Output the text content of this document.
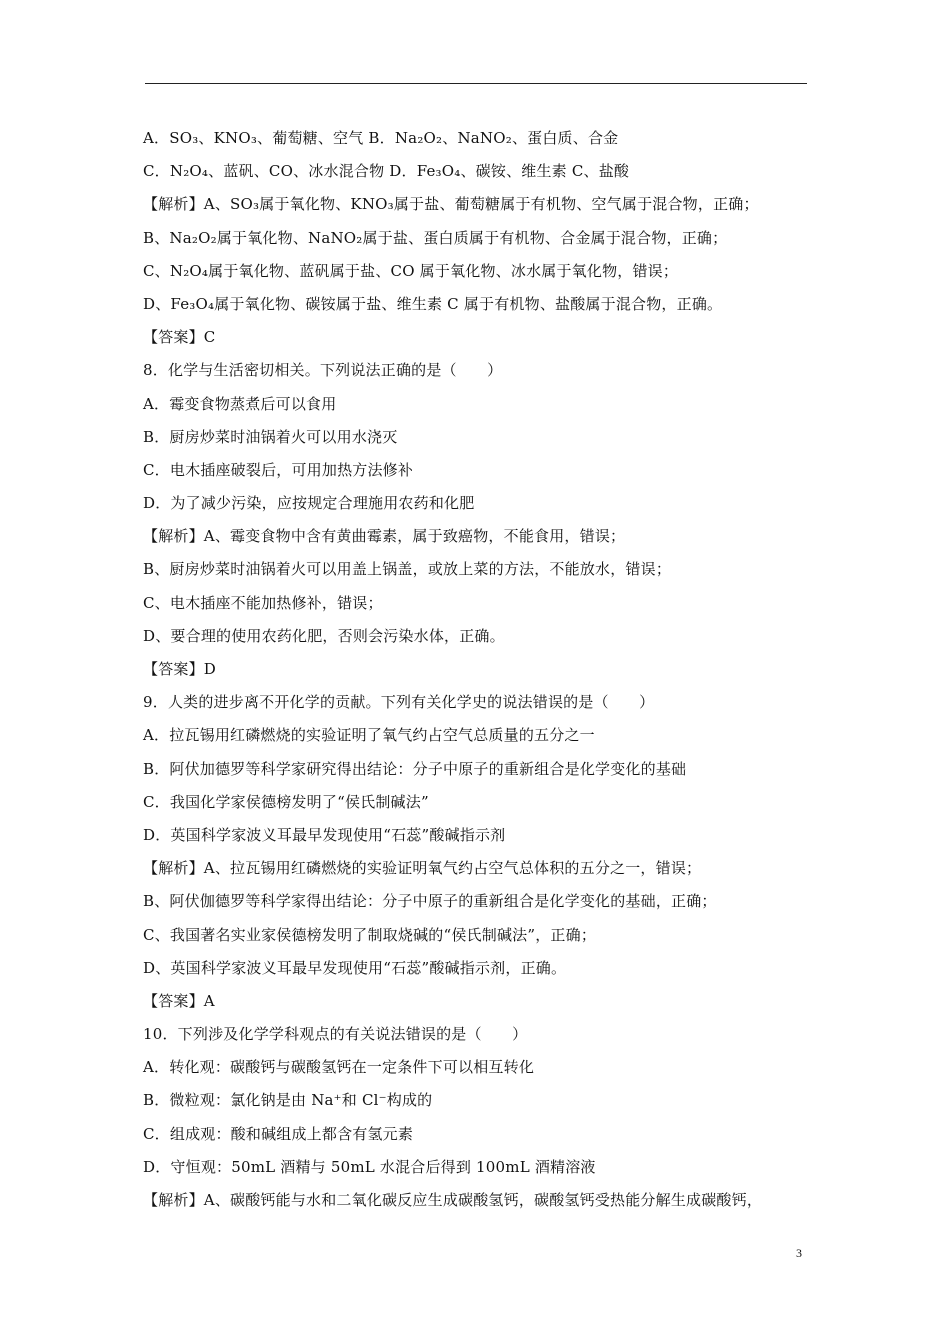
A．SO₃、KNO₃、葡萄糖、空气 B．Na₂O₂、NaNO₂、蛋白质、合金
C．N₂O₄、蓝矾、CO、冰水混合物 D．Fe₃O₄、碳铵、维生素 C、盐酸
【解析】A、SO₃属于氧化物、KNO₃属于盐、葡萄糖属于有机物、空气属于混合物，正确；
B、Na₂O₂属于氧化物、NaNO₂属于盐、蛋白质属于有机物、合金属于混合物，正确；
C、N₂O₄属于氧化物、蓝矾属于盐、CO 属于氧化物、冰水属于氧化物，错误；
D、Fe₃O₄属于氧化物、碳铵属于盐、维生素 C 属于有机物、盐酸属于混合物，正确。
【答案】C
8．化学与生活密切相关。下列说法正确的是（　　）
A．霉变食物蒸煮后可以食用
B．厨房炒菜时油锅着火可以用水浇灭
C．电木插座破裂后，可用加热方法修补
D．为了减少污染，应按规定合理施用农药和化肥
【解析】A、霉变食物中含有黄曲霉素，属于致癌物，不能食用，错误；
B、厨房炒菜时油锅着火可以用盖上锅盖，或放上菜的方法，不能放水，错误；
C、电木插座不能加热修补，错误；
D、要合理的使用农药化肥，否则会污染水体，正确。
【答案】D
9．人类的进步离不开化学的贡献。下列有关化学史的说法错误的是（　　）
A．拉瓦锡用红磷燃烧的实验证明了氧气约占空气总质量的五分之一
B．阿伏加德罗等科学家研究得出结论：分子中原子的重新组合是化学变化的基础
C．我国化学家侯德榜发明了“侯氏制碱法”
D．英国科学家波义耳最早发现使用“石蕊”酸碱指示剂
【解析】A、拉瓦锡用红磷燃烧的实验证明氧气约占空气总体积的五分之一，错误；
B、阿伏伽德罗等科学家得出结论：分子中原子的重新组合是化学变化的基础，正确；
C、我国著名实业家侯德榜发明了制取烧碱的“侯氏制碱法”，正确；
D、英国科学家波义耳最早发现使用“石蕊”酸碱指示剂，正确。
【答案】A
10．下列涉及化学学科观点的有关说法错误的是（　　）
A．转化观：碳酸钙与碳酸氢钙在一定条件下可以相互转化
B．微粒观：氯化钠是由 Na⁺和 Cl⁻构成的
C．组成观：酸和碱组成上都含有氢元素
D．守恒观：50mL 酒精与 50mL 水混合后得到 100mL 酒精溶液
【解析】A、碳酸钙能与水和二氧化碳反应生成碳酸氢钙，碳酸氢钙受热能分解生成碳酸钙，
3
